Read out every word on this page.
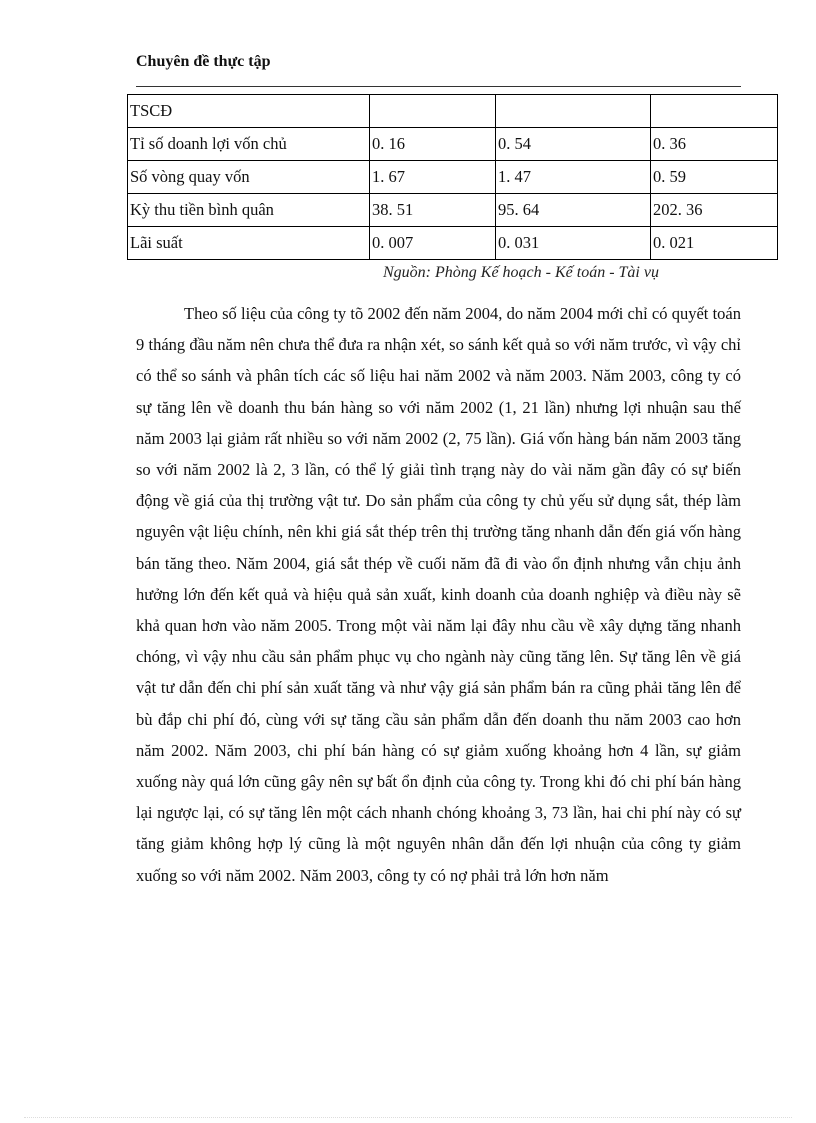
Chuyên đề thực tập
TSCĐ			
Tỉ số doanh lợi vốn chủ	0. 16	0. 54	0. 36
Số vòng quay vốn	1. 67	1. 47	0. 59
Kỳ thu tiền bình quân	38. 51	95. 64	202. 36
Lãi suất	0. 007	0. 031	0. 021
Nguồn: Phòng Kế hoạch - Kế toán - Tài vụ

Theo số liệu của công ty tõ 2002 đến năm 2004, do năm 2004 mới chỉ có quyết toán 9 tháng đầu năm nên chưa thể đưa ra nhận xét, so sánh kết quả so với năm trước, vì vậy chỉ có thể so sánh và phân tích các số liệu hai năm 2002 và năm 2003. Năm 2003, công ty có sự tăng lên về doanh thu bán hàng so với năm 2002 (1, 21 lần) nhưng lợi nhuận sau thế năm 2003 lại giảm rất nhiều so với năm 2002 (2, 75 lần). Giá vốn hàng bán năm 2003 tăng so với năm 2002 là 2, 3 lần, có thể lý giải tình trạng này do vài năm gần đây có sự biến động về giá của thị trường vật tư. Do sản phẩm của công ty chủ yếu sử dụng sắt, thép làm nguyên vật liệu chính, nên khi giá sắt thép trên thị trường tăng nhanh dẫn đến giá vốn hàng bán tăng theo. Năm 2004, giá sắt thép về cuối năm đã đi vào ổn định nhưng vẫn chịu ảnh hưởng lớn đến kết quả và hiệu quả sản xuất, kinh doanh của doanh nghiệp và điều này sẽ khả quan hơn vào năm 2005. Trong một vài năm lại đây nhu cầu về xây dựng tăng nhanh chóng, vì vậy nhu cầu sản phẩm phục vụ cho ngành này cũng tăng lên. Sự tăng lên về giá vật tư dẫn đến chi phí sản xuất tăng và như vậy giá sản phẩm bán ra cũng phải tăng lên để bù đắp chi phí đó, cùng với sự tăng cầu sản phẩm dẫn đến doanh thu năm 2003 cao hơn năm 2002. Năm 2003, chi phí bán hàng có sự giảm xuống khoảng hơn 4 lần, sự giảm xuống này quá lớn cũng gây nên sự bất ổn định của công ty. Trong khi đó chi phí bán hàng lại ngược lại, có sự tăng lên một cách nhanh chóng khoảng 3, 73 lần, hai chi phí này có sự tăng giảm không hợp lý cũng là một nguyên nhân dẫn đến lợi nhuận của công ty giảm xuống so với năm 2002. Năm 2003, công ty có nợ phải trả lớn hơn năm
